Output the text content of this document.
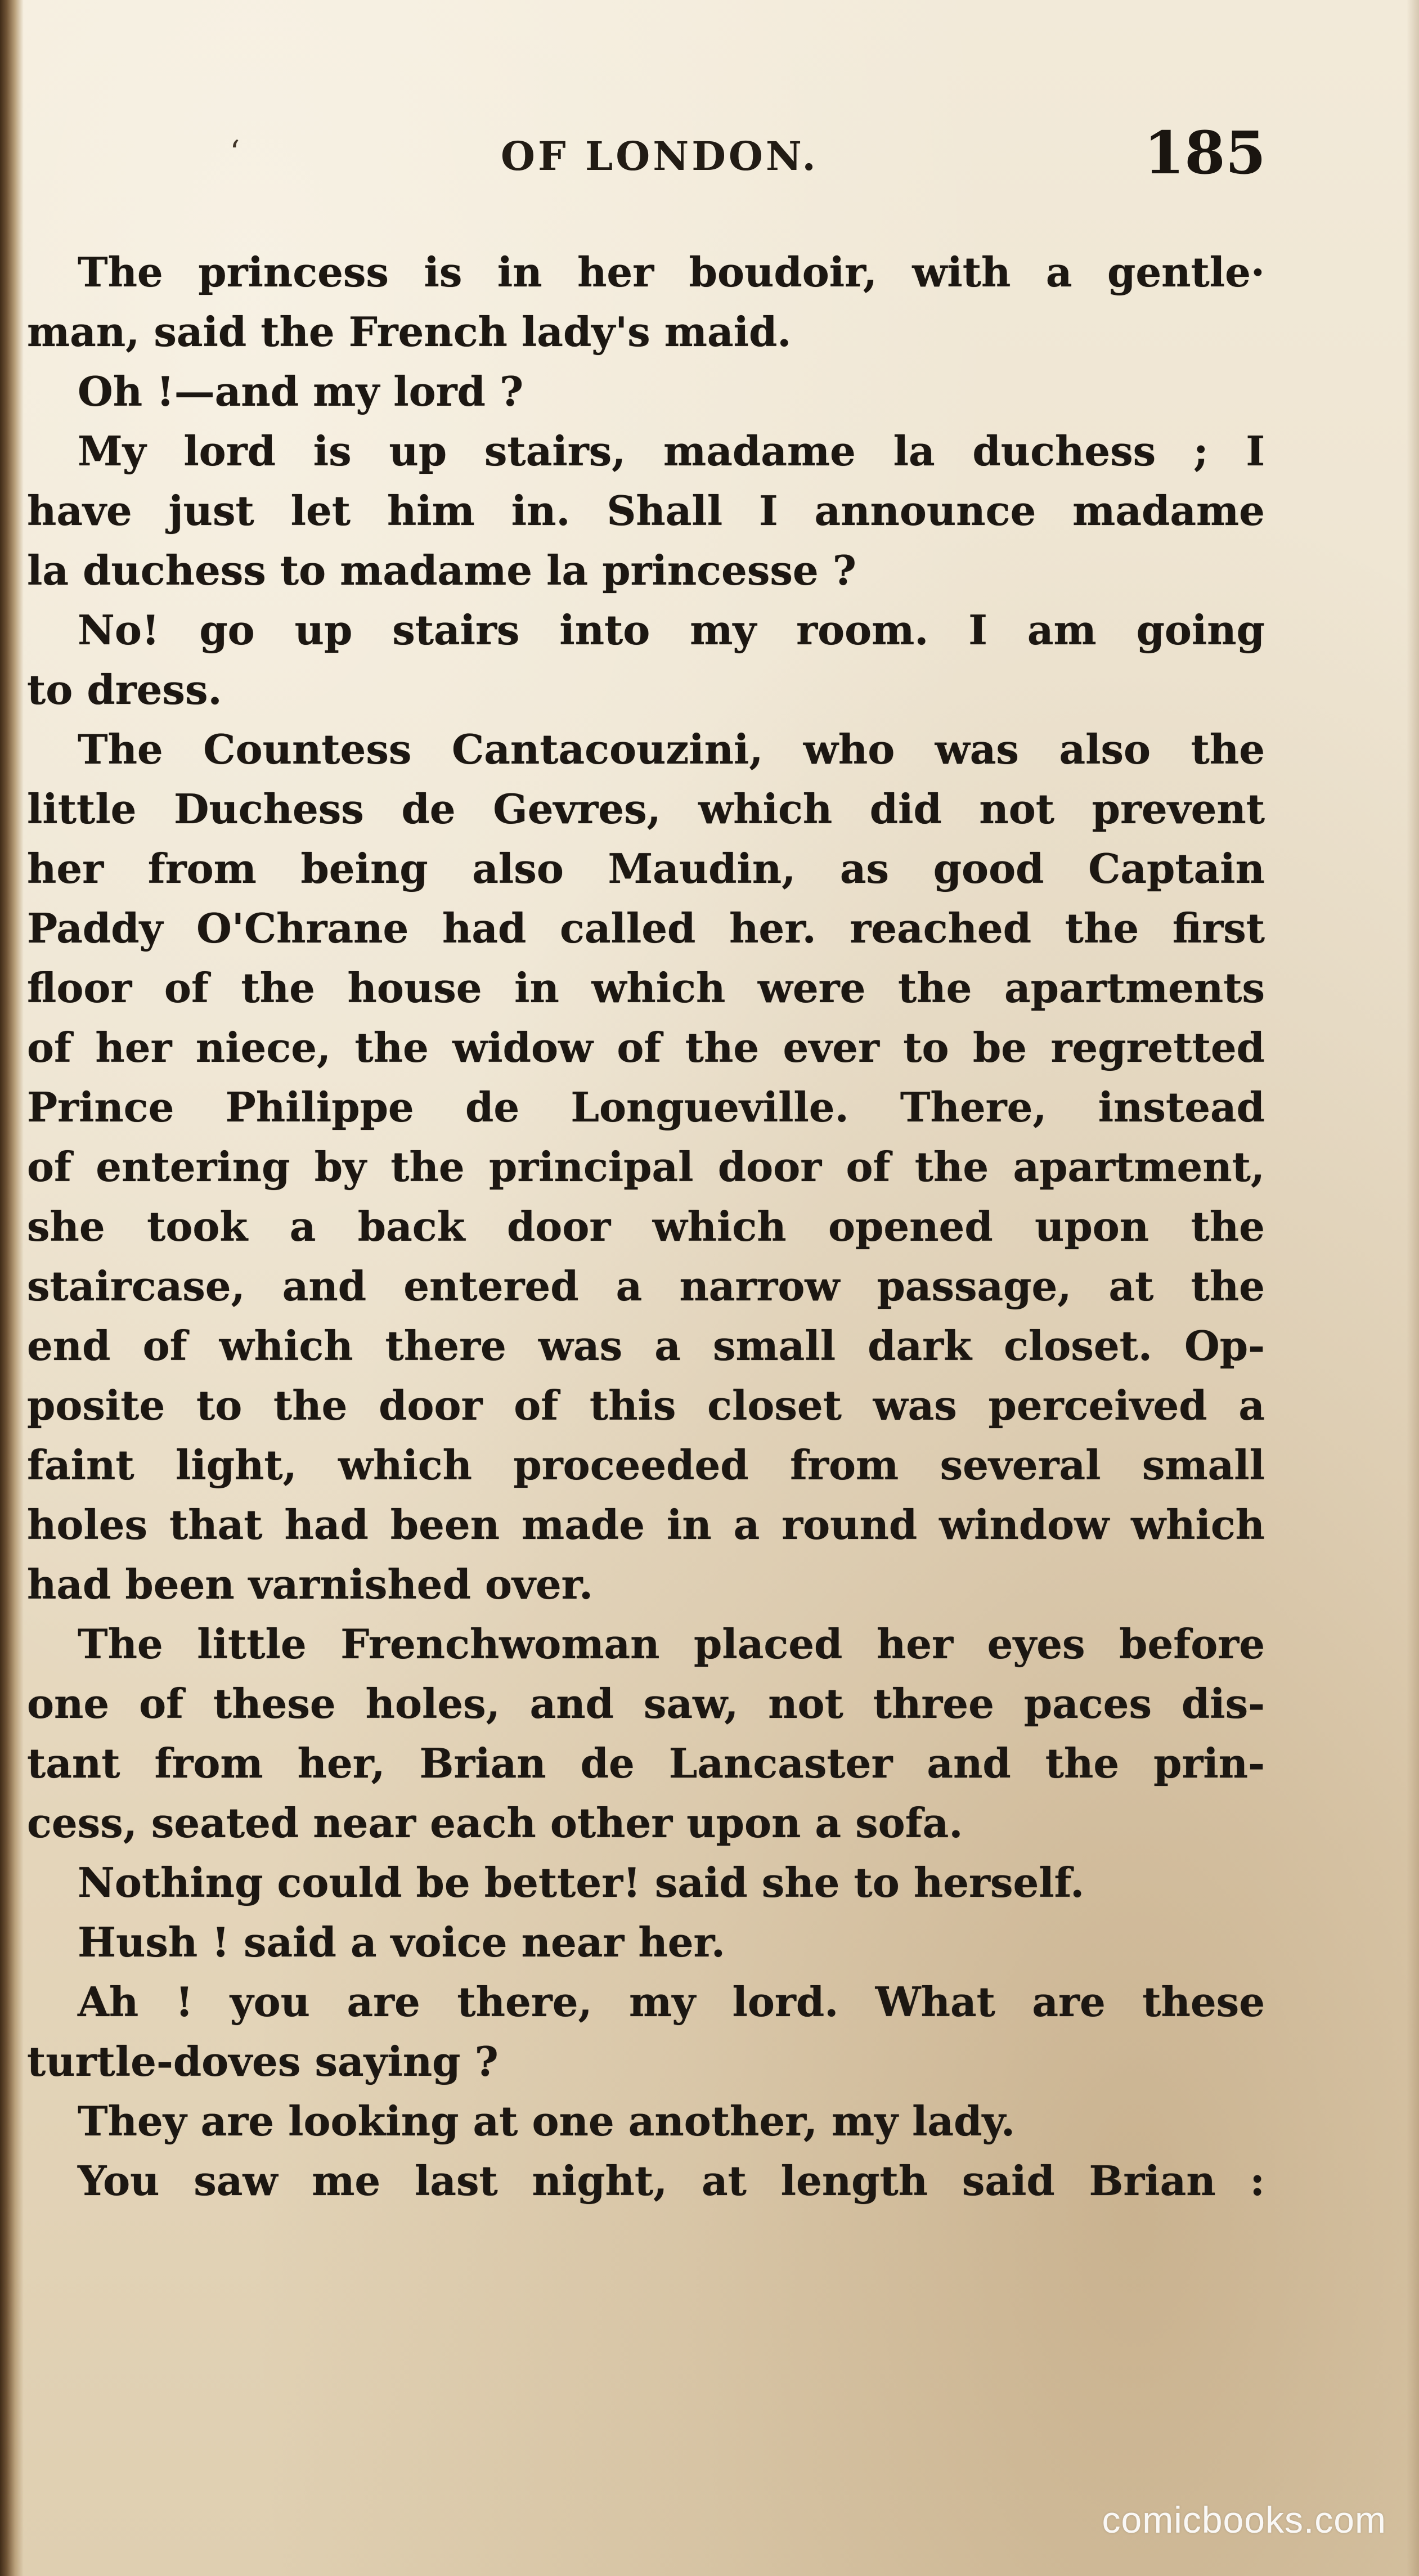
‘	OF LONDON.	185
The princess is in her boudoir, with a gentle·
man, said the French lady's maid.
Oh !—and my lord ?
My lord is up stairs, madame la duchess ; I
have just let him in. Shall I announce madame
la duchess to madame la princesse ?
No! go up stairs into my room. I am going
to dress.
The Countess Cantacouzini, who was also the
little Duchess de Gevres, which did not prevent
her from being also Maudin, as good Captain
Paddy O'Chrane had called her. reached the first
floor of the house in which were the apartments
of her niece, the widow of the ever to be regretted
Prince Philippe de Longueville. There, instead
of entering by the principal door of the apartment,
she took a back door which opened upon the
staircase, and entered a narrow passage, at the
end of which there was a small dark closet. Op-
posite to the door of this closet was perceived a
faint light, which proceeded from several small
holes that had been made in a round window which
had been varnished over.
The little Frenchwoman placed her eyes before
one of these holes, and saw, not three paces dis-
tant from her, Brian de Lancaster and the prin-
cess, seated near each other upon a sofa.
Nothing could be better! said she to herself.
Hush ! said a voice near her.
Ah ! you are there, my lord. What are these
turtle-doves saying ?
They are looking at one another, my lady.
You saw me last night, at length said Brian :
comicbooks.com
